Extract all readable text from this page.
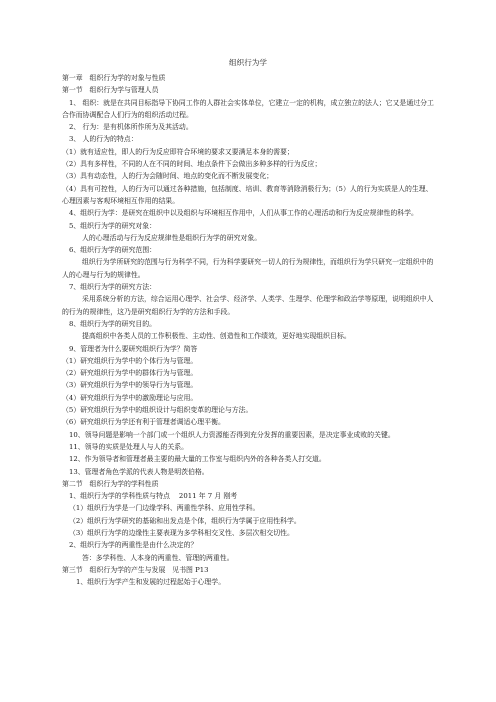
组织行为学

第一章　组织行为学的对象与性质

第一节　组织行为学与管理人员

1、 组织：就是在共同目标指导下协同工作的人群社会实体单位，它建立一定的机构，成立独立的法人；它又是通过分工合作而协调配合人们行为的组织活动过程。

2、 行为：是有机体所作所为及其活动。

3、 人的行为的特点：

（1）就有适应性，即人的行为反应即符合环境的要求又要满足本身的需要；

（2）具有多样性，不同的人在不同的时间、地点条件下会做出多种多样的行为反应；

（3）具有动态性，人的行为会随时间、地点的变化而不断发展变化；

（4）具有可控性，人的行为可以通过各种措施，包括制度、培训、教育等消除消极行为；（5）人的行为实质是人的生理、心理因素与客观环境相互作用的结果。

4、组织行为学：是研究在组织中以及组织与环境相互作用中，人们从事工作的心理活动和行为反应规律性的科学。

5、组织行为学的研究对象：

人的心理活动与行为反应规律性是组织行为学的研究对象。

6、组织行为学的研究范围：

组织行为学所研究的范围与行为科学不同，行为科学要研究一切人的行为规律性，而组织行为学只研究一定组织中的人的心理与行为的规律性。

7、组织行为学的研究方法：

采用系统分析的方法，综合运用心理学、社会学、经济学、人类学、生理学、伦理学和政治学等原理，说明组织中人的行为的规律性，这乃是研究组织行为学的方法和手段。

8、组织行为学的研究目的。

提高组织中各类人员的工作积极性、主动性、创造性和工作绩效，更好地实现组织目标。

9、管理者为什么要研究组织行为学？简答

（1）研究组织行为学中的个体行为与管理。

（2）研究组织行为学中的群体行为与管理。

（3）研究组织行为学中的领导行为与管理。

（4）研究组织行为学中的激励理论与应用。

（5）研究组织行为学中的组织设计与组织变革的理论与方法。

（6）研究组织行为学还有利于管理者调适心理平衡。

10、领导问题是影响一个部门或一个组织人力资源能否得到充分发挥的重要因素，是决定事业成败的关键。

11、领导的实质是处理人与人的关系。

12、作为领导者和管理者最主要的最大量的工作室与组织内外的各种各类人打交道。

13、管理者角色学派的代表人物是明茨伯格。

第二节　组织行为学的学科性质

1、组织行为学的学科性质与特点　 2011 年 7 月 刚考

（1）组织行为学是一门边缘学科、两重性学科、应用性学科。

（2）组织行为学研究的基础和出发点是个体，组织行为学属于应用性科学。

（3）组织行为学的边缘性主要表现为多学科相交叉性、多层次相交切性。

2、组织行为学的两重性是由什么决定的？

答：多学科性、人本身的两重性、管理的两重性。

第三节　组织行为学的产生与发展　见书图 P13

1、组织行为学产生和发展的过程起始于心理学。
